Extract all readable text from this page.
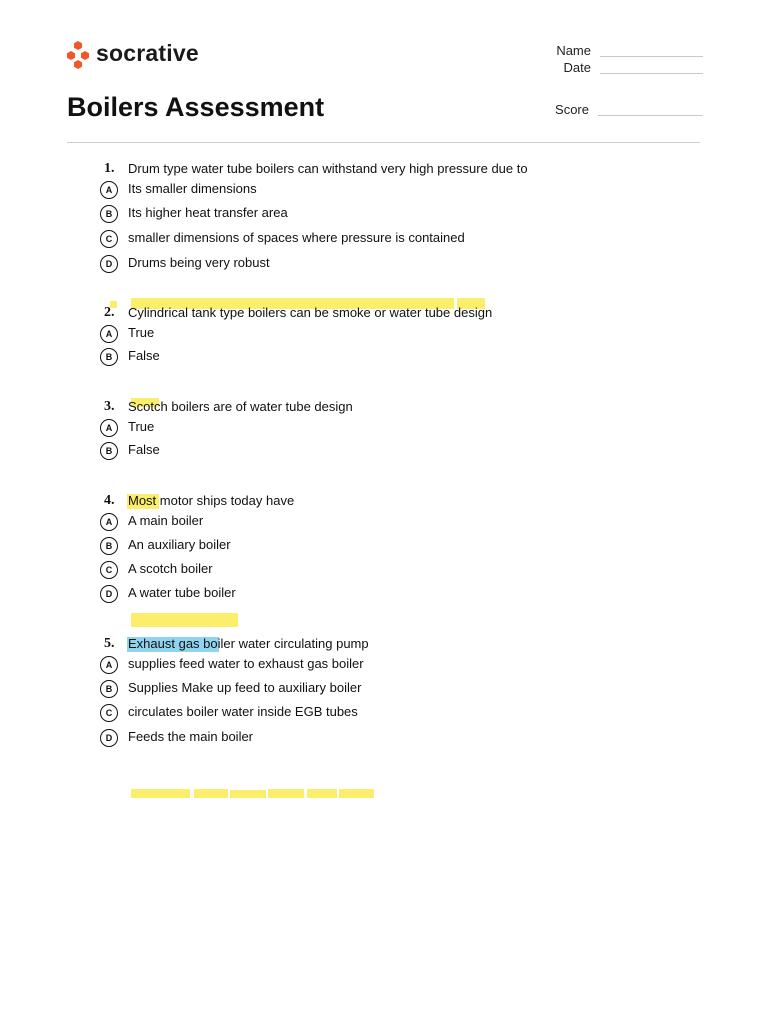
socrative
Boilers Assessment
Name
Date
Score
1. Drum type water tube boilers can withstand very high pressure due to
A	Its smaller dimensions
B	Its higher heat transfer area
C	smaller dimensions of spaces where pressure is contained
D	Drums being very robust
2. Cylindrical tank type boilers can be smoke or water tube design
A	True
B	False
3. Scotch boilers are of water tube design
A	True
B	False
4. Most motor ships today have
A	A main boiler
B	An auxiliary boiler
C	A scotch boiler
D	A water tube boiler
5. Exhaust gas boiler water circulating pump
A	supplies feed water to exhaust gas boiler
B	Supplies Make up feed to auxiliary boiler
C	circulates boiler water inside EGB tubes
D	Feeds the main boiler
